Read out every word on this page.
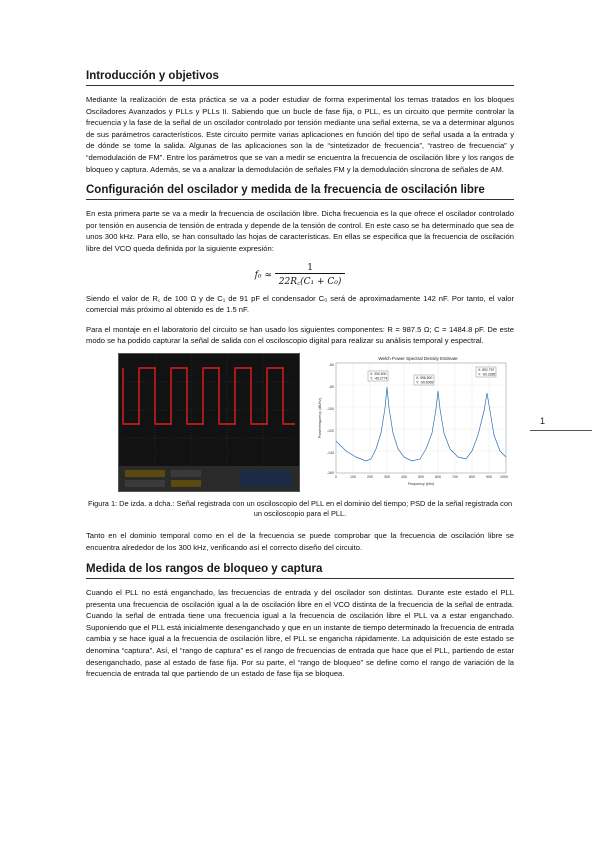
Introducción y objetivos

Mediante la realización de esta práctica se va a poder estudiar de forma experimental los temas tratados en los bloques Osciladores Avanzados y PLLs y PLLs II. Sabiendo que un bucle de fase fija, o PLL, es un circuito que permite controlar la frecuencia y la fase de la señal de un oscilador controlado por tensión mediante una señal externa, se va a determinar algunos de sus parámetros característicos. Este circuito permite varias aplicaciones en función del tipo de señal usada a la entrada y de dónde se tome la salida. Algunas de las aplicaciones son la de “sintetizador de frecuencia”, “rastreo de frecuencia” y “demodulación de FM”. Entre los parámetros que se van a medir se encuentra la frecuencia de oscilación libre y los rangos de bloqueo y captura. Además, se va a analizar la demodulación de señales FM y la demodulación síncrona de señales de AM.

Configuración del oscilador y medida de la frecuencia de oscilación libre

En esta primera parte se va a medir la frecuencia de oscilación libre. Dicha frecuencia es la que ofrece el oscilador controlado por tensión en ausencia de tensión de entrada y depende de la tensión de control. En este caso se ha determinado que sea de unos 300 kHz. Para ello, se han consultado las hojas de características. En ellas se especifica que la frecuencia de oscilación libre del VCO queda definida por la siguiente expresión:

$f_0 \approx \frac{1}{\text{22R꜀(C₁ + C₀)}}$

Siendo el valor de R꜀ de 100 Ω y de C₁ de 91 pF el condensador C₀ será de aproximadamente 142 nF. Por tanto, el valor comercial más próximo al obtenido es de 1.5 nF.

Para el montaje en el laboratorio del circuito se han usado los siguientes componentes: R = 987.5 Ω; C = 1484.8 pF. De este modo se ha podido capturar la señal de salida con el osciloscopio digital para realizar su análisis temporal y espectral.

Welch Power Spectral Density Estimate
X: 300.600
Y: -46.2774	X: 598.800
Y: -59.6969
X: 892.797
Y: -60.3385
0	100	200	300	400	500	600	700	800	900 1000
Frequency (kHz)
-60
-80
-100
-120
-140
-160
Power/frequency (dB/Hz)

Figura 1: De izda. a dcha.: Señal registrada con un osciloscopio del PLL en el dominio del tiempo; PSD de la señal registrada con un osciloscopio para el PLL.

Tanto en el dominio temporal como en el de la frecuencia se puede comprobar que la frecuencia de oscilación libre se encuentra alrededor de los 300 kHz, verificando así el correcto diseño del circuito.

Medida de los rangos de bloqueo y captura

Cuando el PLL no está enganchado, las frecuencias de entrada y del oscilador son distintas. Durante este estado el PLL presenta una frecuencia de oscilación igual a la de oscilación libre en el VCO distinta de la frecuencia de la señal de entrada. Cuando la señal de entrada tiene una frecuencia igual a la frecuencia de oscilación libre el PLL va a estar enganchado. Suponiendo que el PLL está inicialmente desenganchado y que en un instante de tiempo determinado la frecuencia de entrada cambia y se hace igual a la frecuencia de oscilación libre, el PLL se engancha rápidamente. La adquisición de este estado se denomina “captura”. Así, el “rango de captura” es el rango de frecuencias de entrada que hace que el PLL, partiendo de estar desenganchado, pase al estado de fase fija. Por su parte, el “rango de bloqueo” se define como el rango de variación de la frecuencia de entrada tal que partiendo de un estado de fase fija se bloquea.

1
